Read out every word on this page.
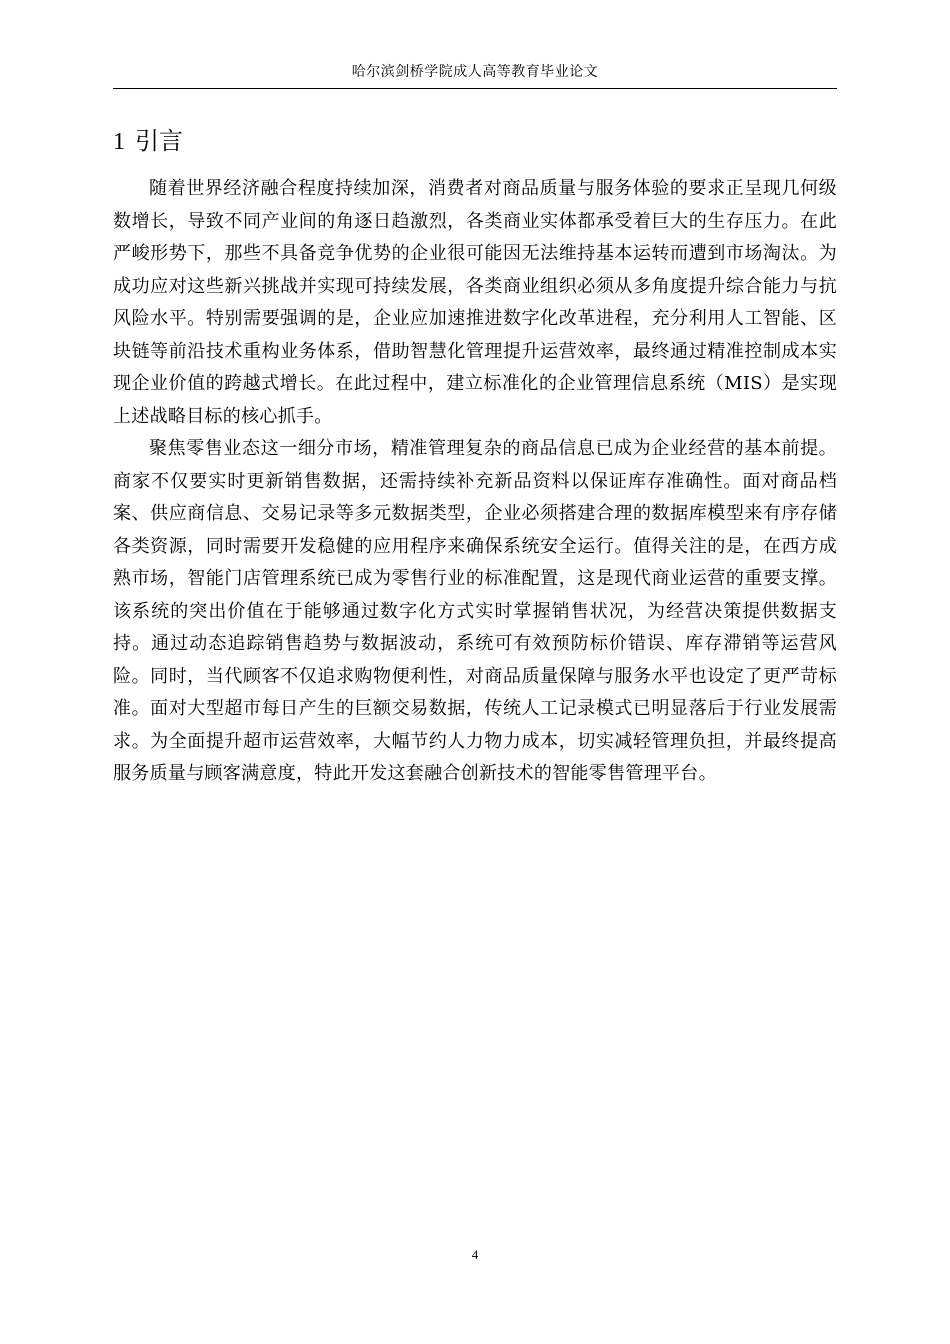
哈尔滨剑桥学院成人高等教育毕业论文
1 引言

随着世界经济融合程度持续加深，消费者对商品质量与服务体验的要求正呈现几何级数增长，导致不同产业间的角逐日趋激烈，各类商业实体都承受着巨大的生存压力。在此严峻形势下，那些不具备竞争优势的企业很可能因无法维持基本运转而遭到市场淘汰。为成功应对这些新兴挑战并实现可持续发展，各类商业组织必须从多角度提升综合能力与抗风险水平。特别需要强调的是，企业应加速推进数字化改革进程，充分利用人工智能、区块链等前沿技术重构业务体系，借助智慧化管理提升运营效率，最终通过精准控制成本实现企业价值的跨越式增长。在此过程中，建立标准化的企业管理信息系统（MIS）是实现上述战略目标的核心抓手。

聚焦零售业态这一细分市场，精准管理复杂的商品信息已成为企业经营的基本前提。商家不仅要实时更新销售数据，还需持续补充新品资料以保证库存准确性。面对商品档案、供应商信息、交易记录等多元数据类型，企业必须搭建合理的数据库模型来有序存储各类资源，同时需要开发稳健的应用程序来确保系统安全运行。值得关注的是，在西方成熟市场，智能门店管理系统已成为零售行业的标准配置，这是现代商业运营的重要支撑。该系统的突出价值在于能够通过数字化方式实时掌握销售状况，为经营决策提供数据支持。通过动态追踪销售趋势与数据波动，系统可有效预防标价错误、库存滞销等运营风险。同时，当代顾客不仅追求购物便利性，对商品质量保障与服务水平也设定了更严苛标准。面对大型超市每日产生的巨额交易数据，传统人工记录模式已明显落后于行业发展需求。为全面提升超市运营效率，大幅节约人力物力成本，切实减轻管理负担，并最终提高服务质量与顾客满意度，特此开发这套融合创新技术的智能零售管理平台。

4
